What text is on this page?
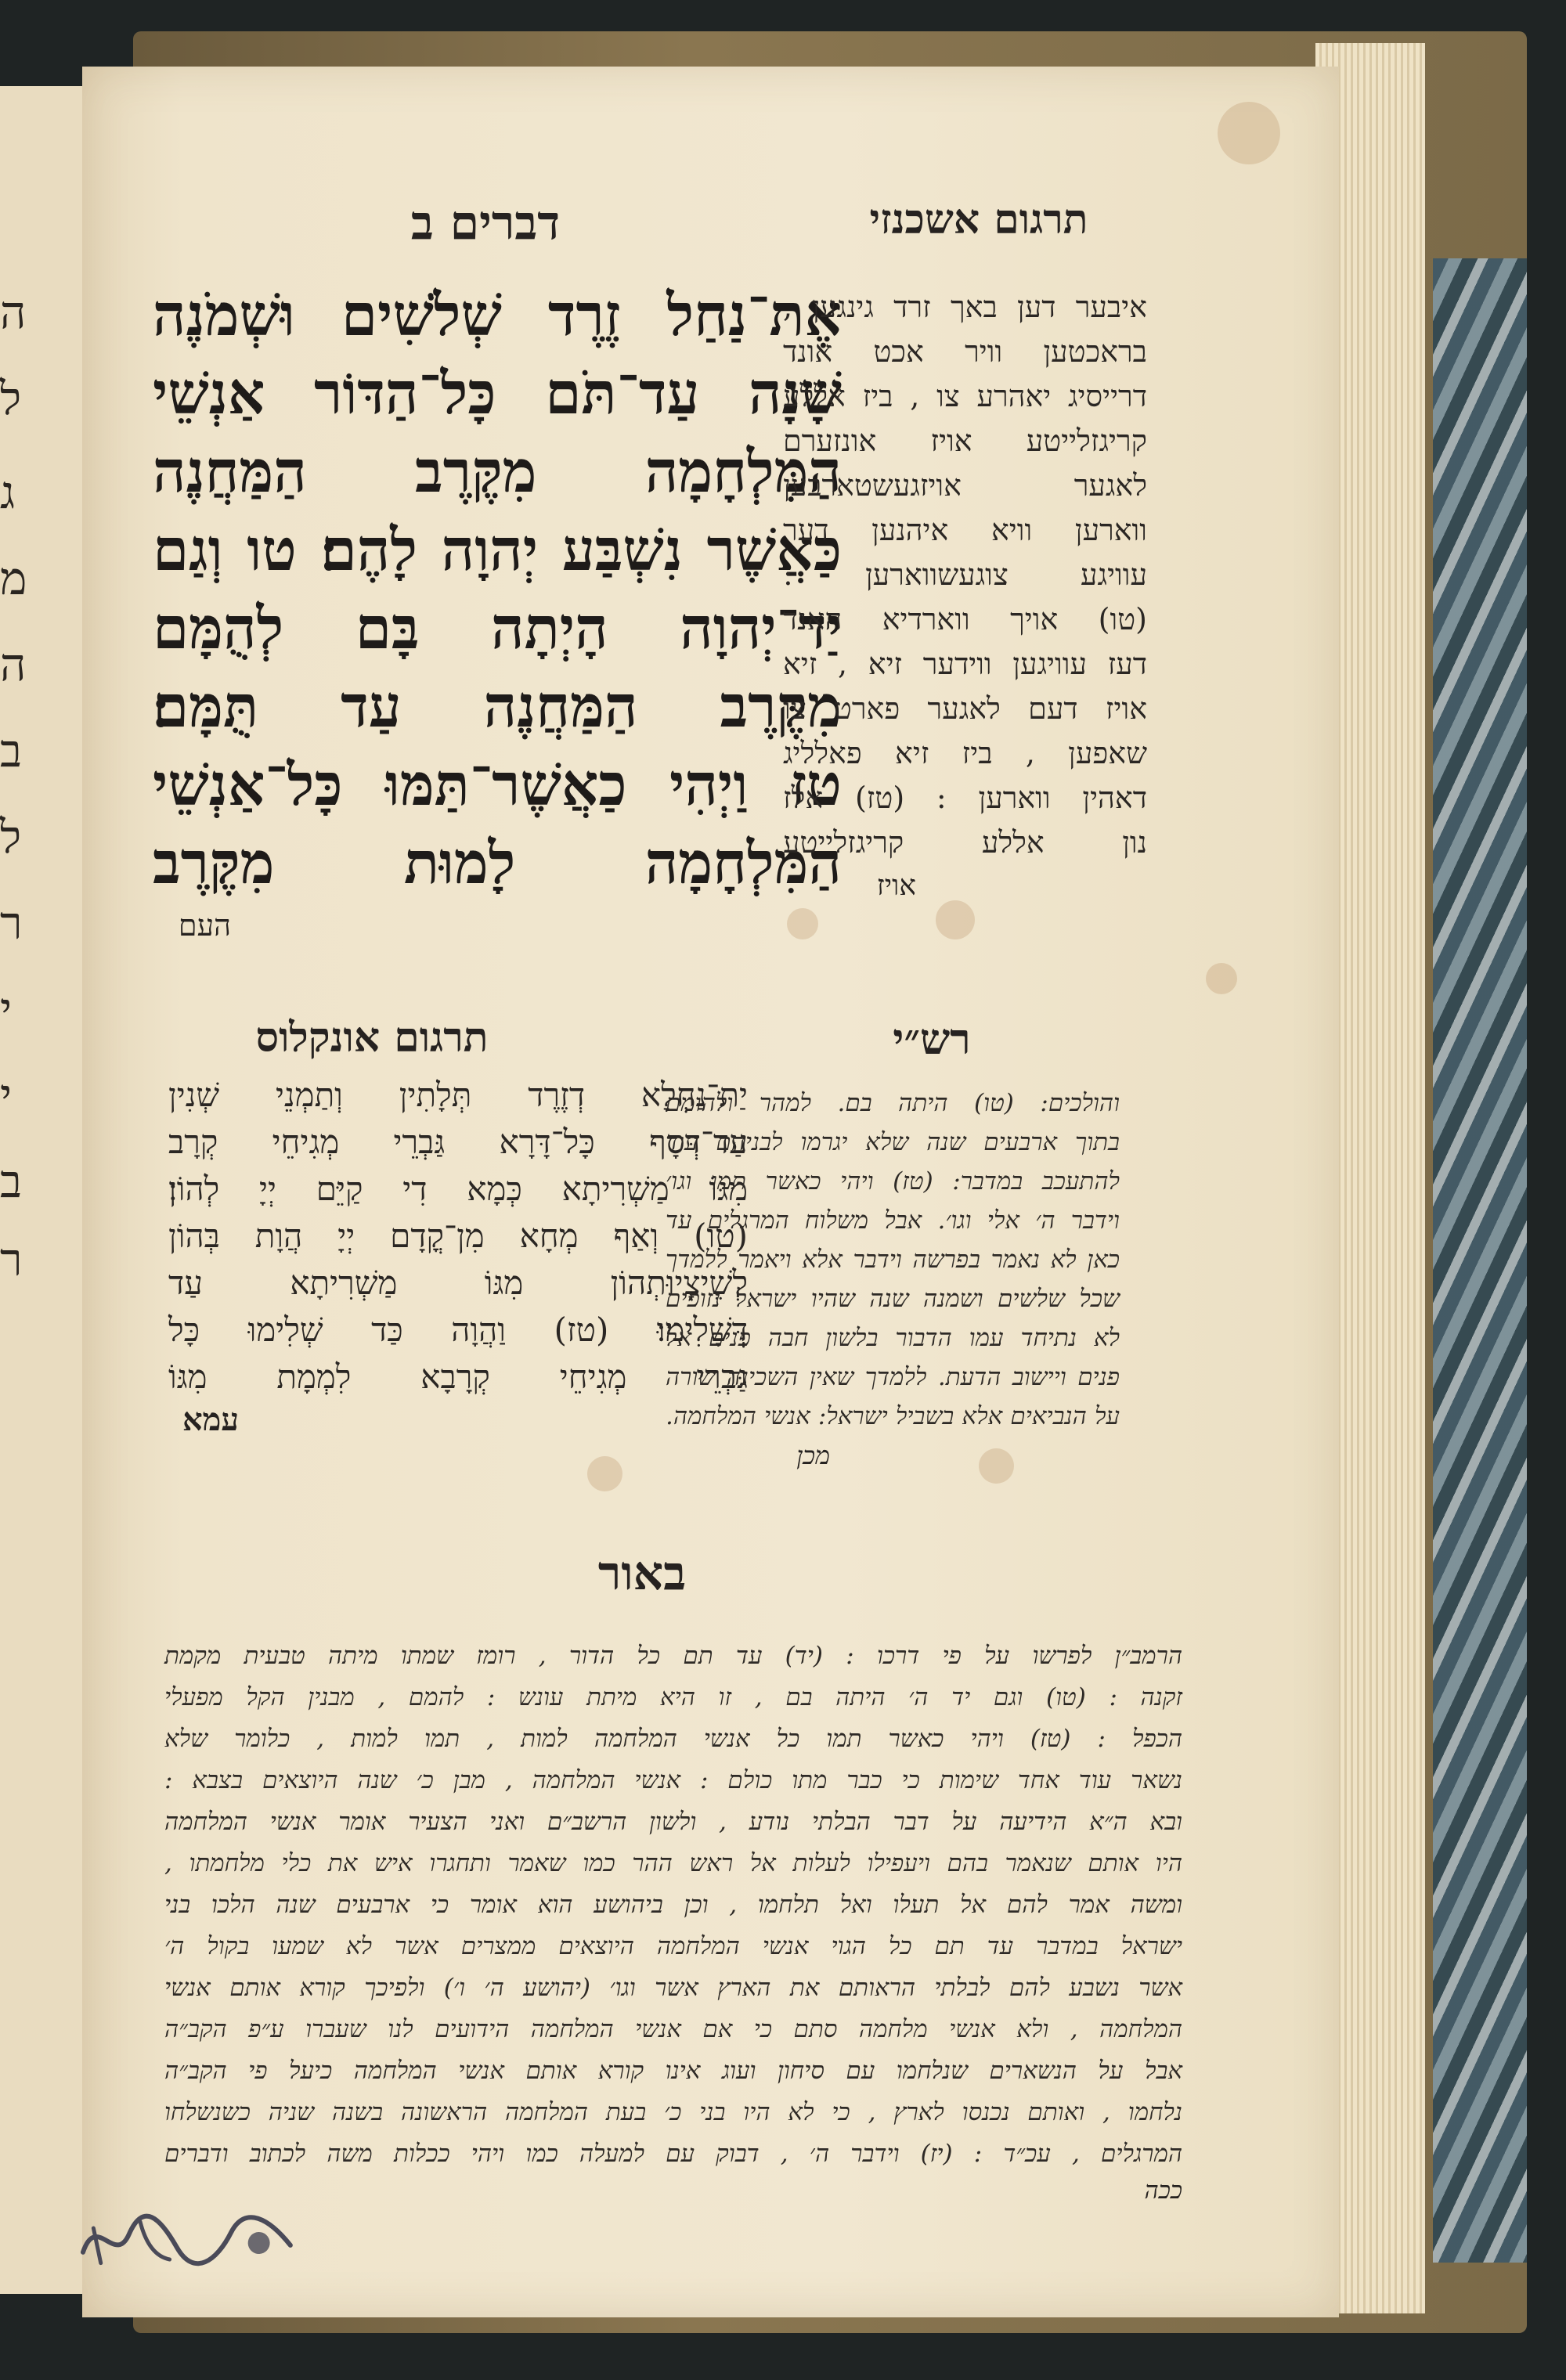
ה
ל
ג
מ
ה
ב
ל
ר
י
י
ב
ר
תרגום אשכנזי
דברים ב
תרגום אונקלוס	רש״י
באור
אֶת־נַחַל זֶרֶד שְׁלֹשִׁים וּשְׁמֹנֶה
שָׁנָה עַד־תֹּם כָּל־הַדּוֹר אַנְשֵׁי
הַמִּלְחָמָה מִקֶּרֶב הַמַּחֲנֶה
כַּאֲשֶׁר נִשְׁבַּע יְהוָה לָהֶם׃ טו וְגַם
יַד־יְהוָה הָיְתָה בָּם לְהֻמָּם
מִקֶּרֶב הַמַּחֲנֶה עַד תֻּמָּם׃
טז וַיְהִי כַאֲשֶׁר־תַּמּוּ כָּל־אַנְשֵׁי
הַמִּלְחָמָה לָמוּת מִקֶּרֶב
העם
איבער דען באך זרד גינגען ,
בראכטען וויר אכט אונד
דרייסיג יאהרע צו , ביז אללע
קריגזלייטע אויז אונזערם
לאגער אויזגעשטארבען
ווארען וויא איהנען דער
עוויגע צוגעשווארען :
(טו) אויך ווארדיא האנד
דעז עוויגען ווידער זיא , זיא
אויז דעם לאגער פארט צו
שאפען , ביז זיא פאלליג
דאהין ווארען : (טז) אלז
נון אללע קריגזלייטע
אויז
יַת־נַחְלָא דְזֶרֶד תְּלָתִין וְתַמְנֵי שְׁנִין
עַד־דְּסָף כָּל־דָּרָא גַּבְרֵי מְגִיחֵי קְרָב
מִגּוֹ מַשְׁרִיתָא כְּמָא דִי קַיֵּם יְיָ לְהוֹן׃
(טו) וְאַף מְחָא מִן־קֳדָם יְיָ הֲוָת בְּהוֹן
לְשֵׁיצָיוּתְהוֹן מִגּוֹ מַשְׁרִיתָא עַד
דְּשָׁלִימוּ׃ (טז) וַהֲוָה כַּד שְׁלִימוּ כָּל
גַּבְרֵי מְגִיחֵי קְרָבָא לִמְמָת מִגּוֹ
עמא
והולכים: (טו) היתה בם. למהר ולהומם
בתוך ארבעים שנה שלא יגרמו לבניהם עוד
להתעכב במדבר: (טז) ויהי כאשר תמו וגו׳
וידבר ה׳ אלי וגו׳. אבל משלוח המרגלים עד
כאן לא נאמר בפרשה וידבר אלא ויאמר ללמדך
שכל שלשים ושמנה שנה שהיו ישראל נזופים
לא נתיחד עמו הדבור בלשון חבה פנים אל
פנים ויישוב הדעת. ללמדך שאין השכינה שורה
על הנביאים אלא בשביל ישראל: אנשי המלחמה.
מכן
הרמב״ן לפרשו על פי דרכו : (יד) עד תם כל הדור , רומז שמתו מיתה טבעית מקמת
זקנה : (טו) וגם יד ה׳ היתה בם , זו היא מיתת עונש : להמם , מבנין הקל מפעלי
הכפל : (טז) ויהי כאשר תמו כל אנשי המלחמה למות , תמו למות , כלומר שלא
נשאר עוד אחד שימות כי כבר מתו כולם : אנשי המלחמה , מבן כ׳ שנה היוצאים בצבא :
ובא ה״א הידיעה על דבר הבלתי נודע , ולשון הרשב״ם ואני הצעיר אומר אנשי המלחמה
היו אותם שנאמר בהם ויעפילו לעלות אל ראש ההר כמו שאמר ותחגרו איש את כלי מלחמתו ,
ומשה אמר להם אל תעלו ואל תלחמו , וכן ביהושע הוא אומר כי ארבעים שנה הלכו בני
ישראל במדבר עד תם כל הגוי אנשי המלחמה היוצאים ממצרים אשר לא שמעו בקול ה׳
אשר נשבע להם לבלתי הראותם את הארץ אשר וגו׳ (יהושע ה׳ ו׳) ולפיכך קורא אותם אנשי
המלחמה , ולא אנשי מלחמה סתם כי אם אנשי המלחמה הידועים לנו שעברו ע״פ הקב״ה
אבל על הנשארים שנלחמו עם סיחון ועוג אינו קורא אותם אנשי המלחמה כיעל פי הקב״ה
נלחמו , ואותם נכנסו לארץ , כי לא היו בני כ׳ בעת המלחמה הראשונה בשנה שניה כשנשלחו
המרגלים , עכ״ד : (יז) וידבר ה׳ , דבוק עם למעלה כמו ויהי ככלות משה לכתוב ודברים
ככה
